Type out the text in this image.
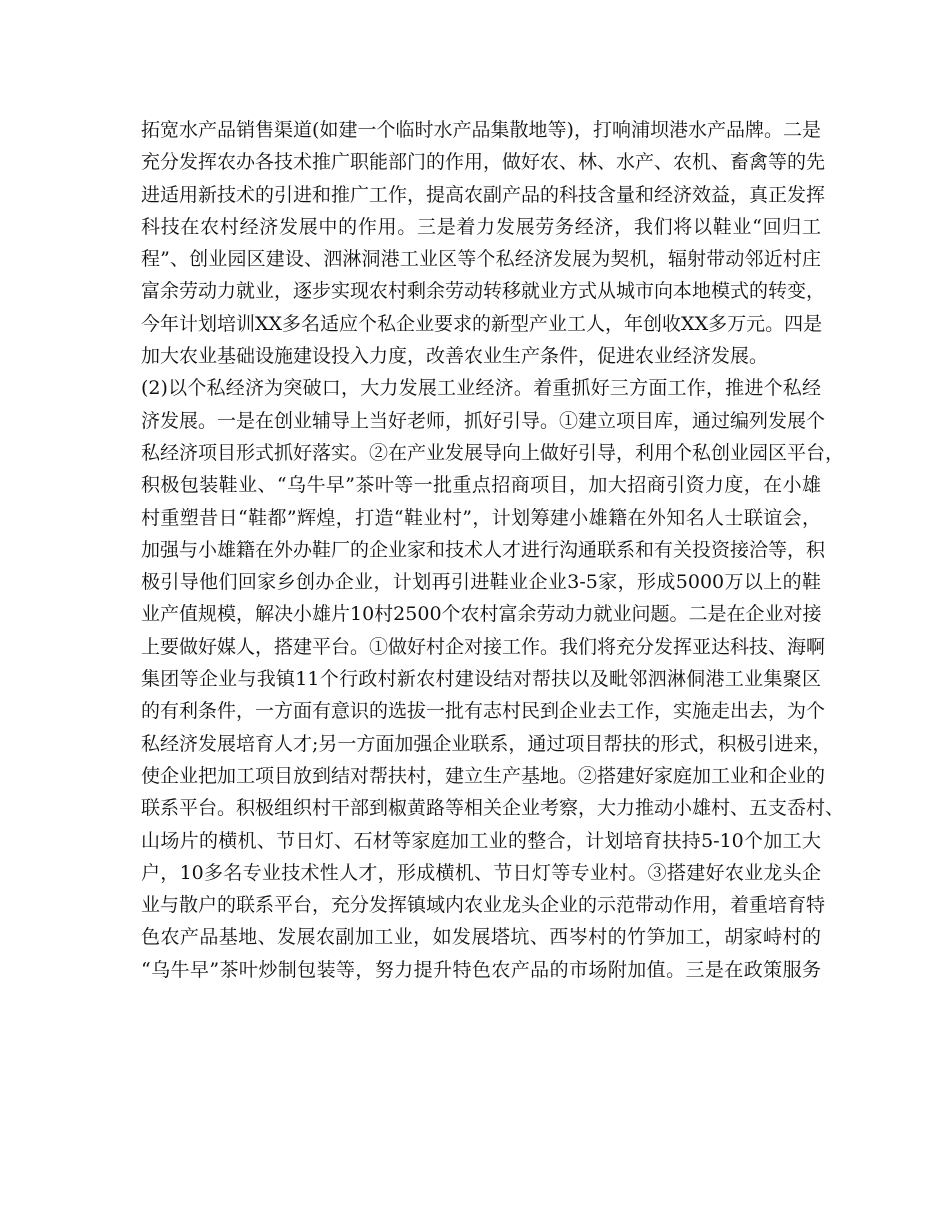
拓宽水产品销售渠道(如建一个临时水产品集散地等)，打响浦坝港水产品牌。二是
充分发挥农办各技术推广职能部门的作用，做好农、林、水产、农机、畜禽等的先
进适用新技术的引进和推广工作，提高农副产品的科技含量和经济效益，真正发挥
科技在农村经济发展中的作用。三是着力发展劳务经济，我们将以鞋业“回归工
程”、创业园区建设、泗淋洞港工业区等个私经济发展为契机，辐射带动邻近村庄
富余劳动力就业，逐步实现农村剩余劳动转移就业方式从城市向本地模式的转变，
今年计划培训XX多名适应个私企业要求的新型产业工人，年创收XX多万元。四是
加大农业基础设施建设投入力度，改善农业生产条件，促进农业经济发展。
(2)以个私经济为突破口，大力发展工业经济。着重抓好三方面工作，推进个私经
济发展。一是在创业辅导上当好老师，抓好引导。①建立项目库，通过编列发展个
私经济项目形式抓好落实。②在产业发展导向上做好引导，利用个私创业园区平台，
积极包装鞋业、“乌牛早”茶叶等一批重点招商项目，加大招商引资力度，在小雄
村重塑昔日“鞋都”辉煌，打造“鞋业村”，计划筹建小雄籍在外知名人士联谊会，
加强与小雄籍在外办鞋厂的企业家和技术人才进行沟通联系和有关投资接洽等，积
极引导他们回家乡创办企业，计划再引进鞋业企业3-5家，形成5000万以上的鞋
业产值规模，解决小雄片10村2500个农村富余劳动力就业问题。二是在企业对接
上要做好媒人，搭建平台。①做好村企对接工作。我们将充分发挥亚达科技、海啊
集团等企业与我镇11个行政村新农村建设结对帮扶以及毗邻泗淋侗港工业集聚区
的有利条件，一方面有意识的选拔一批有志村民到企业去工作，实施走出去，为个
私经济发展培育人才;另一方面加强企业联系，通过项目帮扶的形式，积极引进来，
使企业把加工项目放到结对帮扶村，建立生产基地。②搭建好家庭加工业和企业的
联系平台。积极组织村干部到椒黄路等相关企业考察，大力推动小雄村、五支岙村、
山场片的横机、节日灯、石材等家庭加工业的整合，计划培育扶持5-10个加工大
户，10多名专业技术性人才，形成横机、节日灯等专业村。③搭建好农业龙头企
业与散户的联系平台，充分发挥镇域内农业龙头企业的示范带动作用，着重培育特
色农产品基地、发展农副加工业，如发展塔坑、西岑村的竹笋加工，胡家峙村的
“乌牛早”茶叶炒制包装等，努力提升特色农产品的市场附加值。三是在政策服务
